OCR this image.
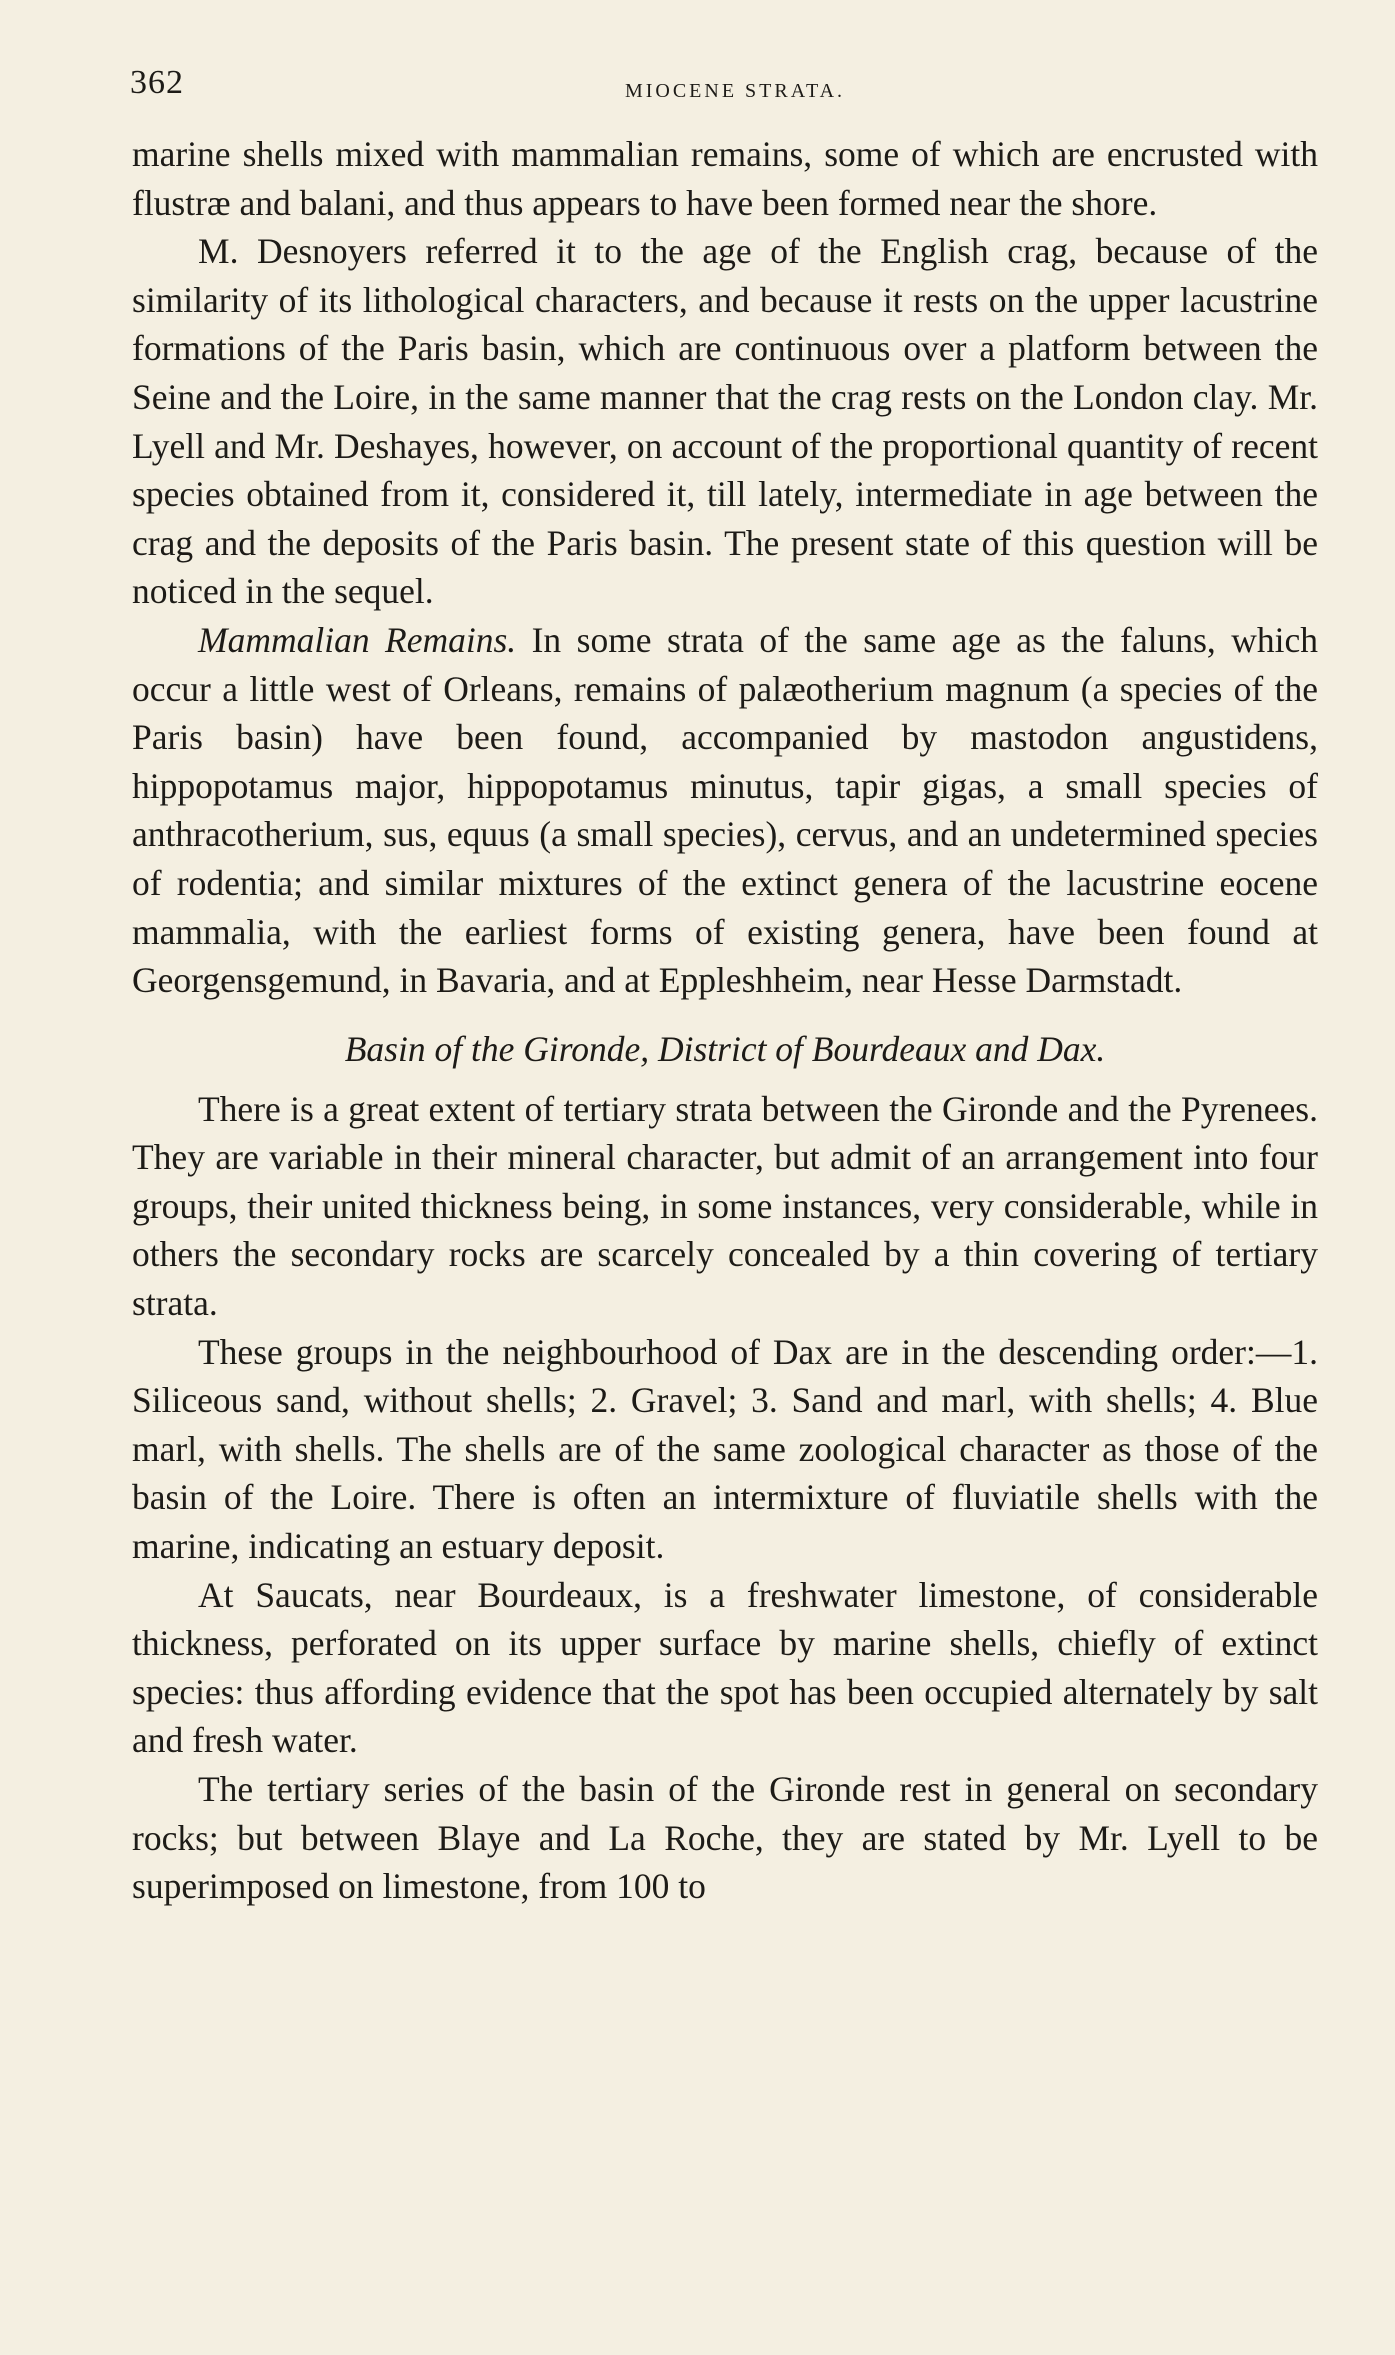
362	MIOCENE STRATA.

marine shells mixed with mammalian remains, some of which are encrusted with flustræ and balani, and thus appears to have been formed near the shore.

M. Desnoyers referred it to the age of the English crag, because of the similarity of its lithological characters, and because it rests on the upper lacustrine formations of the Paris basin, which are continuous over a platform between the Seine and the Loire, in the same manner that the crag rests on the London clay. Mr. Lyell and Mr. Deshayes, however, on account of the proportional quantity of recent species obtained from it, considered it, till lately, intermediate in age between the crag and the deposits of the Paris basin. The present state of this question will be noticed in the sequel.

Mammalian Remains. In some strata of the same age as the faluns, which occur a little west of Orleans, remains of palæotherium magnum (a species of the Paris basin) have been found, accompanied by mastodon angustidens, hippopotamus major, hippopotamus minutus, tapir gigas, a small species of anthracotherium, sus, equus (a small species), cervus, and an undetermined species of rodentia; and similar mixtures of the extinct genera of the lacustrine eocene mammalia, with the earliest forms of existing genera, have been found at Georgensgemund, in Bavaria, and at Eppleshheim, near Hesse Darmstadt.

Basin of the Gironde, District of Bourdeaux and Dax.

There is a great extent of tertiary strata between the Gironde and the Pyrenees. They are variable in their mineral character, but admit of an arrangement into four groups, their united thickness being, in some instances, very considerable, while in others the secondary rocks are scarcely concealed by a thin covering of tertiary strata.

These groups in the neighbourhood of Dax are in the descending order:—1. Siliceous sand, without shells; 2. Gravel; 3. Sand and marl, with shells; 4. Blue marl, with shells. The shells are of the same zoological character as those of the basin of the Loire. There is often an intermixture of fluviatile shells with the marine, indicating an estuary deposit.

At Saucats, near Bourdeaux, is a freshwater limestone, of considerable thickness, perforated on its upper surface by marine shells, chiefly of extinct species: thus affording evidence that the spot has been occupied alternately by salt and fresh water.

The tertiary series of the basin of the Gironde rest in general on secondary rocks; but between Blaye and La Roche, they are stated by Mr. Lyell to be superimposed on limestone, from 100 to
